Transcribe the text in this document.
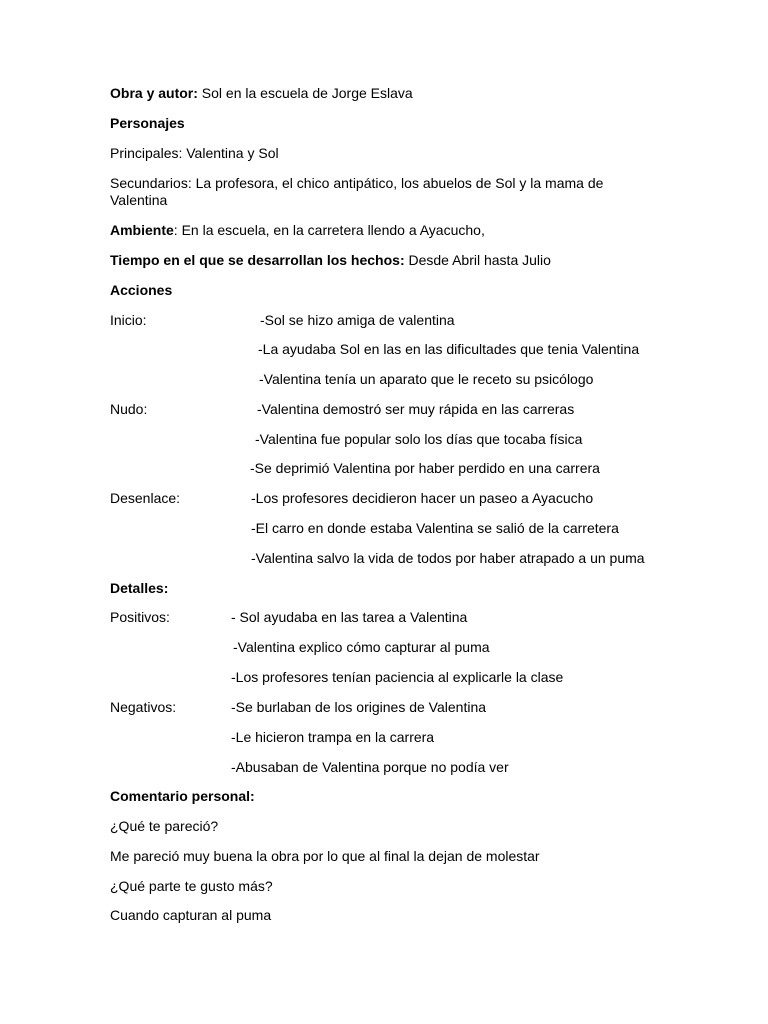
Obra y autor: Sol en la escuela de Jorge Eslava
Personajes
Principales: Valentina y Sol
Secundarios: La profesora, el chico antipático, los abuelos de Sol y la mama de
Valentina
Ambiente: En la escuela, en la carretera llendo a Ayacucho,
Tiempo en el que se desarrollan los hechos: Desde Abril hasta Julio
Acciones
Inicio:	-Sol se hizo amiga de valentina
-La ayudaba Sol en las en las dificultades que tenia Valentina
-Valentina tenía un aparato que le receto su psicólogo
Nudo:	-Valentina demostró ser muy rápida en las carreras
-Valentina fue popular solo los días que tocaba física
-Se deprimió Valentina por haber perdido en una carrera
Desenlace:	-Los profesores decidieron hacer un paseo a Ayacucho
-El carro en donde estaba Valentina se salió de la carretera
-Valentina salvo la vida de todos por haber atrapado a un puma
Detalles:
Positivos:	- Sol ayudaba en las tarea a Valentina
-Valentina explico cómo capturar al puma
-Los profesores tenían paciencia al explicarle la clase
Negativos:	-Se burlaban de los origines de Valentina
-Le hicieron trampa en la carrera
-Abusaban de Valentina porque no podía ver
Comentario personal:
¿Qué te pareció?
Me pareció muy buena la obra por lo que al final la dejan de molestar
¿Qué parte te gusto más?
Cuando capturan al puma
